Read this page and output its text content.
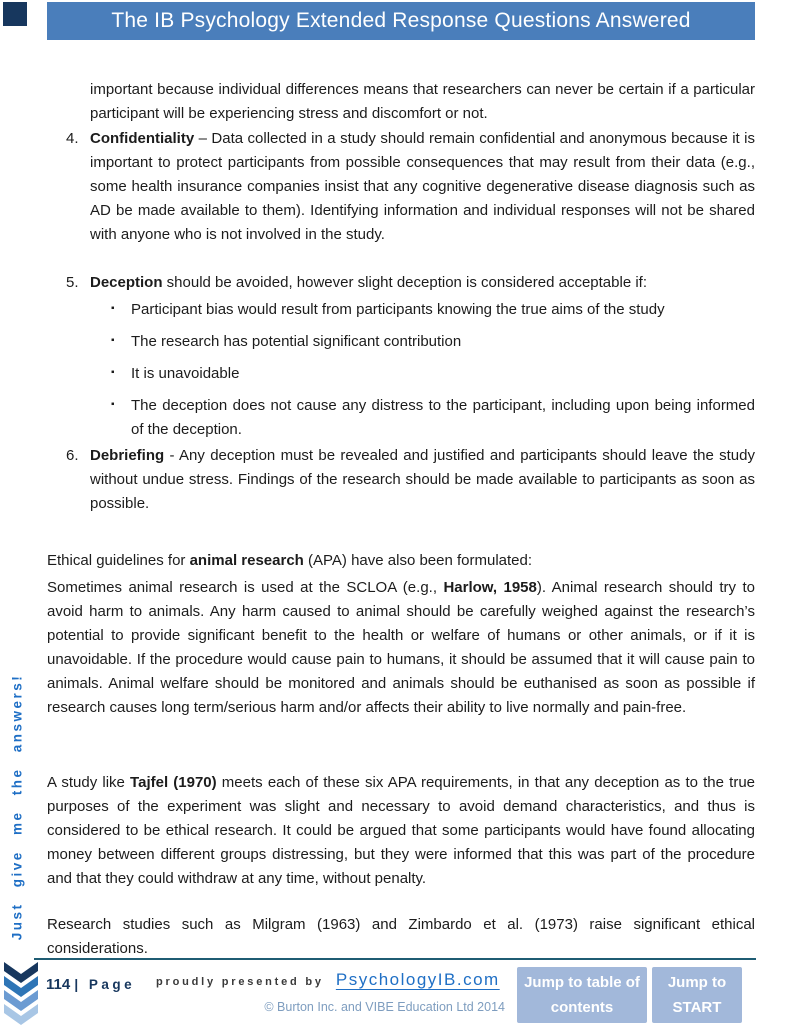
The IB Psychology Extended Response Questions Answered
Just give me the answers!

important because individual differences means that researchers can never be certain if a particular participant will be experiencing stress and discomfort or not.

4. Confidentiality – Data collected in a study should remain confidential and anonymous because it is important to protect participants from possible consequences that may result from their data (e.g., some health insurance companies insist that any cognitive degenerative disease diagnosis such as AD be made available to them). Identifying information and individual responses will not be shared with anyone who is not involved in the study.
5. Deception should be avoided, however slight deception is considered acceptable if:
▪ Participant bias would result from participants knowing the true aims of the study
▪ The research has potential significant contribution
▪ It is unavoidable
▪ The deception does not cause any distress to the participant, including upon being informed of the deception.
6. Debriefing - Any deception must be revealed and justified and participants should leave the study without undue stress. Findings of the research should be made available to participants as soon as possible.

Ethical guidelines for animal research (APA) have also been formulated:

Sometimes animal research is used at the SCLOA (e.g., Harlow, 1958). Animal research should try to avoid harm to animals. Any harm caused to animal should be carefully weighed against the research’s potential to provide significant benefit to the health or welfare of humans or other animals, or if it is unavoidable. If the procedure would cause pain to humans, it should be assumed that it will cause pain to animals. Animal welfare should be monitored and animals should be euthanised as soon as possible if research causes long term/serious harm and/or affects their ability to live normally and pain-free.

A study like Tajfel (1970) meets each of these six APA requirements, in that any deception as to the true purposes of the experiment was slight and necessary to avoid demand characteristics, and thus is considered to be ethical research. It could be argued that some participants would have found allocating money between different groups distressing, but they were informed that this was part of the procedure and that they could withdraw at any time, without penalty.

Research studies such as Milgram (1963) and Zimbardo et al. (1973) raise significant ethical considerations.

114 | Page proudly presented by PsychologyIB.com
© Burton Inc. and VIBE Education Ltd 2014
Jump to table of contents
Jump to START
